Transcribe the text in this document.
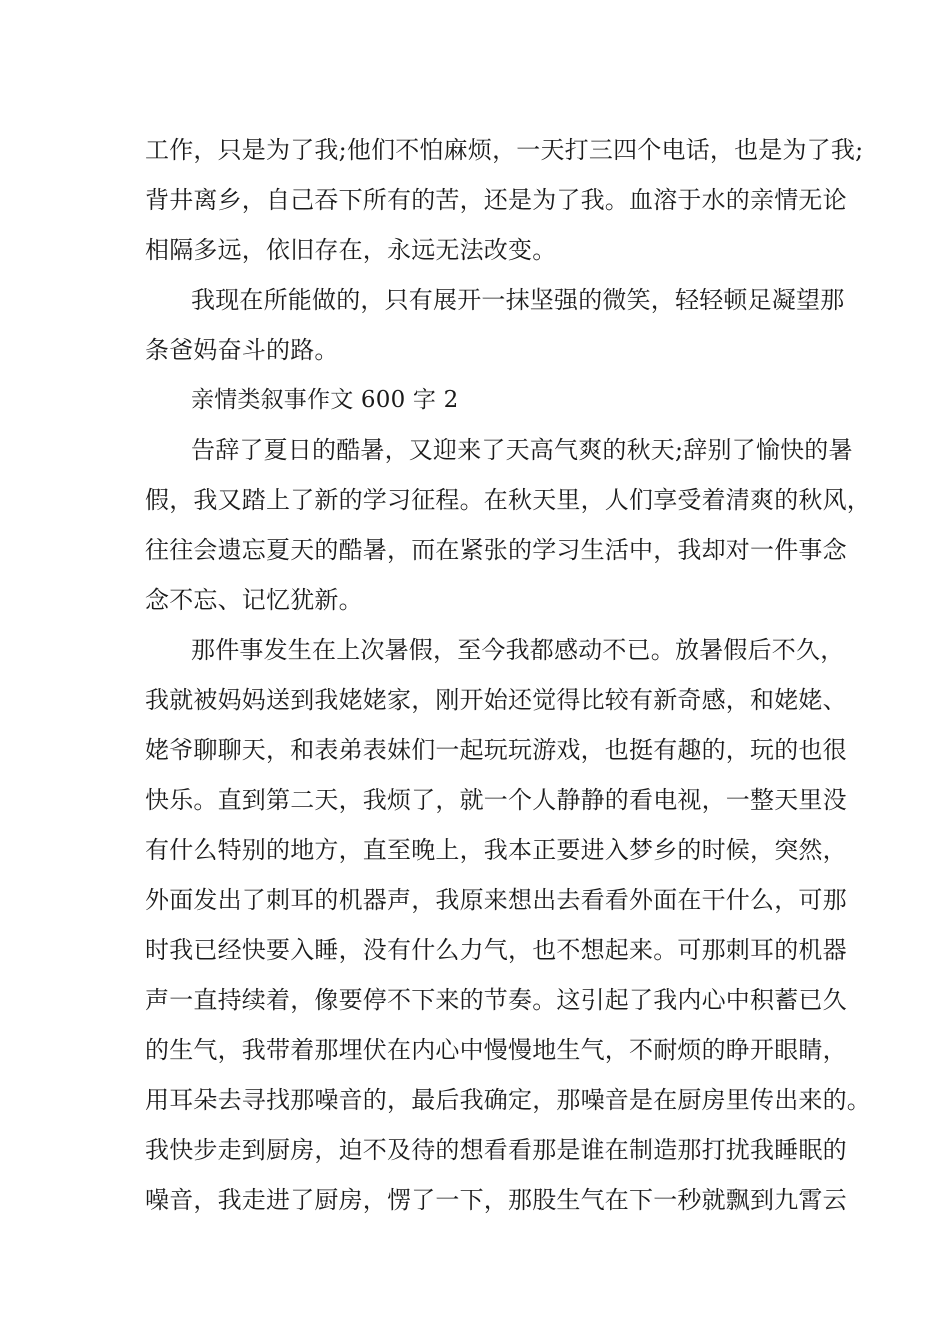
工作，只是为了我;他们不怕麻烦，一天打三四个电话，也是为了我;
背井离乡，自己吞下所有的苦，还是为了我。血溶于水的亲情无论
相隔多远，依旧存在，永远无法改变。
我现在所能做的，只有展开一抹坚强的微笑，轻轻顿足凝望那
条爸妈奋斗的路。
亲情类叙事作文 600 字 2
告辞了夏日的酷暑，又迎来了天高气爽的秋天;辞别了愉快的暑
假，我又踏上了新的学习征程。在秋天里，人们享受着清爽的秋风，
往往会遗忘夏天的酷暑，而在紧张的学习生活中，我却对一件事念
念不忘、记忆犹新。
那件事发生在上次暑假，至今我都感动不已。放暑假后不久，
我就被妈妈送到我姥姥家，刚开始还觉得比较有新奇感，和姥姥、
姥爷聊聊天，和表弟表妹们一起玩玩游戏，也挺有趣的，玩的也很
快乐。直到第二天，我烦了，就一个人静静的看电视，一整天里没
有什么特别的地方，直至晚上，我本正要进入梦乡的时候，突然，
外面发出了刺耳的机器声，我原来想出去看看外面在干什么，可那
时我已经快要入睡，没有什么力气，也不想起来。可那刺耳的机器
声一直持续着，像要停不下来的节奏。这引起了我内心中积蓄已久
的生气，我带着那埋伏在内心中慢慢地生气，不耐烦的睁开眼睛，
用耳朵去寻找那噪音的，最后我确定，那噪音是在厨房里传出来的。
我快步走到厨房，迫不及待的想看看那是谁在制造那打扰我睡眠的
噪音，我走进了厨房，愣了一下，那股生气在下一秒就飘到九霄云
